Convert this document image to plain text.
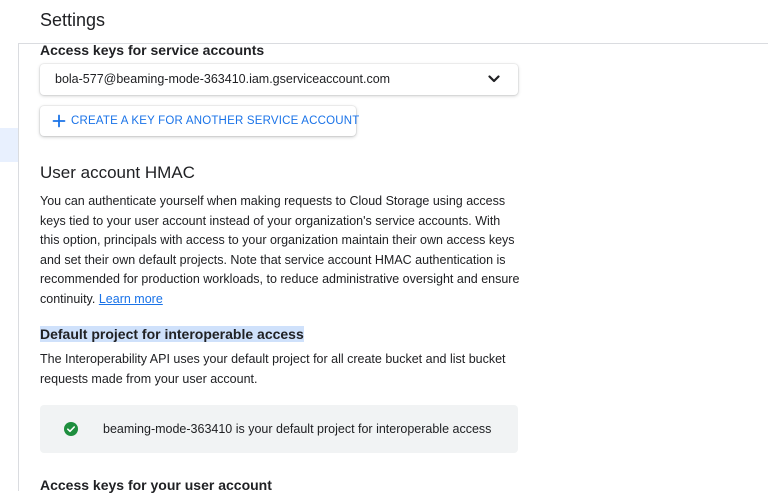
Settings
Access keys for service accounts
bola-577@beaming-mode-363410.iam.gserviceaccount.com
CREATE A KEY FOR ANOTHER SERVICE ACCOUNT
User account HMAC
You can authenticate yourself when making requests to Cloud Storage using access keys tied to your user account instead of your organization's service accounts. With this option, principals with access to your organization maintain their own access keys and set their own default projects. Note that service account HMAC authentication is recommended for production workloads, to reduce administrative oversight and ensure continuity. Learn more
Default project for interoperable access
The Interoperability API uses your default project for all create bucket and list bucket requests made from your user account.
beaming-mode-363410 is your default project for interoperable access
Access keys for your user account
